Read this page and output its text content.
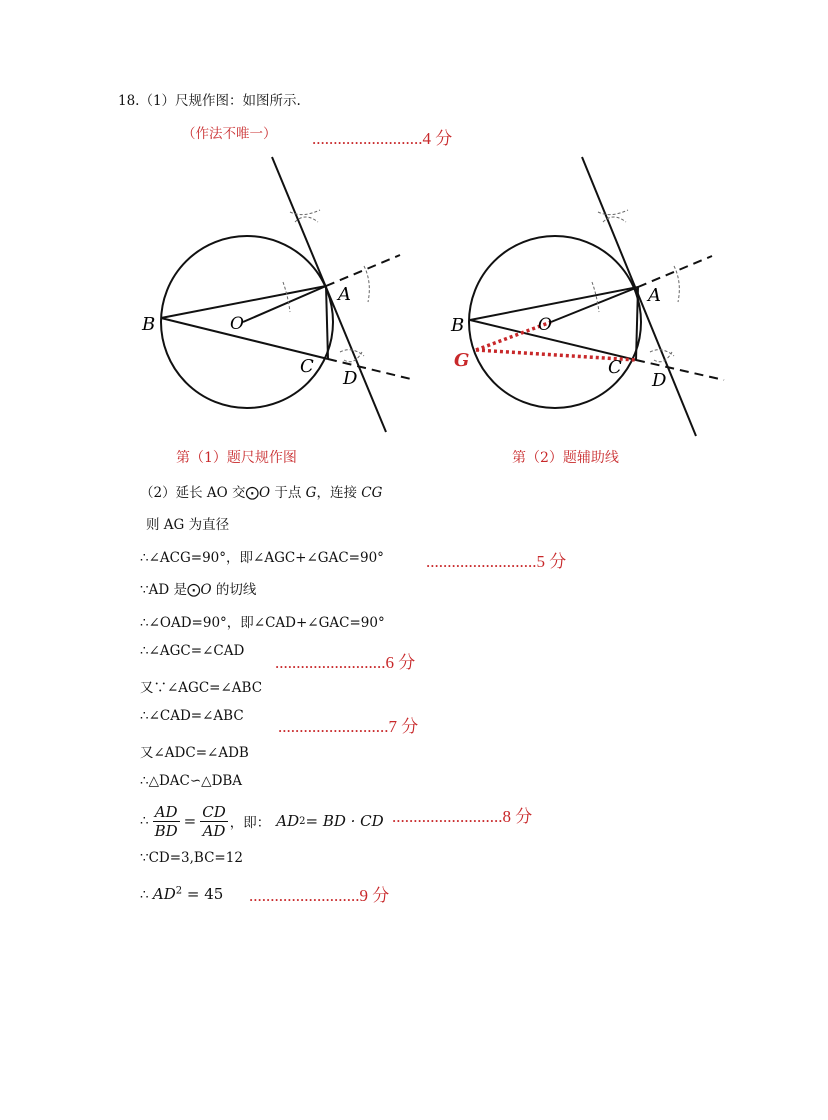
18.（1）尺规作图：如图所示.
（作法不唯一） ..........................4 分
B	O
A
C
D
B	O
A
C
D
G
第（1）题尺规作图	第（2）题辅助线
（2）延长 AO 交⨀O 于点 G，连接 CG
则 AG 为直径
∴∠ACG=90°，即∠AGC+∠GAC=90° ..........................5 分
∵AD 是⨀O 的切线
∴∠OAD=90°，即∠CAD+∠GAC=90°
∴∠AGC=∠CAD
..........................6 分
又∵∠AGC=∠ABC
∴∠CAD=∠ABC
..........................7 分
又∠ADC=∠ADB
∴△DAC∽△DBA
∴ $\frac{AD}{BD} = \frac{CD}{AD}$ ，即： AD 2 = BD · CD ..........................8 分
∵CD=3,BC=12
∴ $AD^2 = 45$ ..........................9 分
